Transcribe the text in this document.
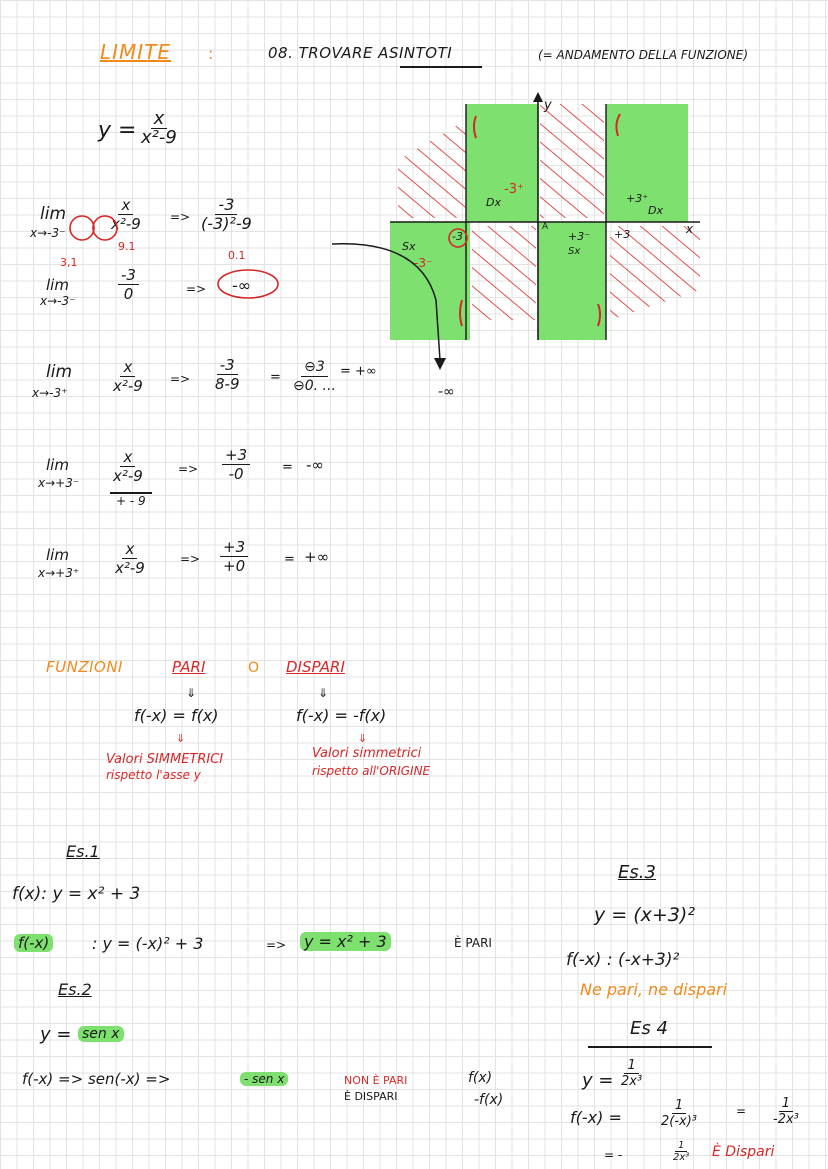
LIMITE :	08. TROVARE ASINTOTI	(= ANDAMENTO DELLA FUNZIONE)
$y = \frac{x}{\text{x²-9}}$
lim
x→-3⁻
3,1
$\frac{x}{\text{x²-9}}$
9.1
=> $\frac{-3}{\text{(-3)²-9}}$
0.1
lim
x→-3⁻	$\frac{-3}{0}$	=> -∞
lim
x→-3⁺	$\frac{x}{\text{x²-9}} => \frac{-3}{8-9} = \frac{⊖3}{⊖0. ...}$ = +∞
lim
$x\to+3^- \frac{x}{\text{x²-9}}$
+ - 9
=> $\frac{+3}{-0}$ = -∞
lim
$x\to+3^+ \frac{x}{\text{x²-9}}$	=> $\frac{+3}{+0}$	= +∞
y
x
A
-3	+3
Sx
-3⁻
Dx
-3⁺
Sx
+3⁻
Dx
+3⁺
-∞
FUNZIONI	PARI	O DISPARI
⇓	⇓
f(-x) = f(x)	f(-x) = -f(x)
⇓	⇓
Valori SIMMETRICI
rispetto l'asse y
Valori simmetrici
rispetto all'ORIGINE
Es.1
f(x): y = x² + 3
f(-x)	: y = (-x)² + 3	=> y = x² + 3	È PARI
Es.2
y = sen x
f(-x) => sen(-x) =>	- sen x	NON È PARI
È DISPARI
f(x)
-f(x)
Es.3
y = (x+3)²
f(-x) : (-x+3)²
Ne pari, ne dispari
Es 4
$y = \frac{1}{\text{2x³}}$
f(-x) =	$\frac{1}{\text{2(-x)³}}$	= $\frac{1}{\text{-2x³}}$
= -	$\frac{1}{\text{2x³}}$ È Dispari
